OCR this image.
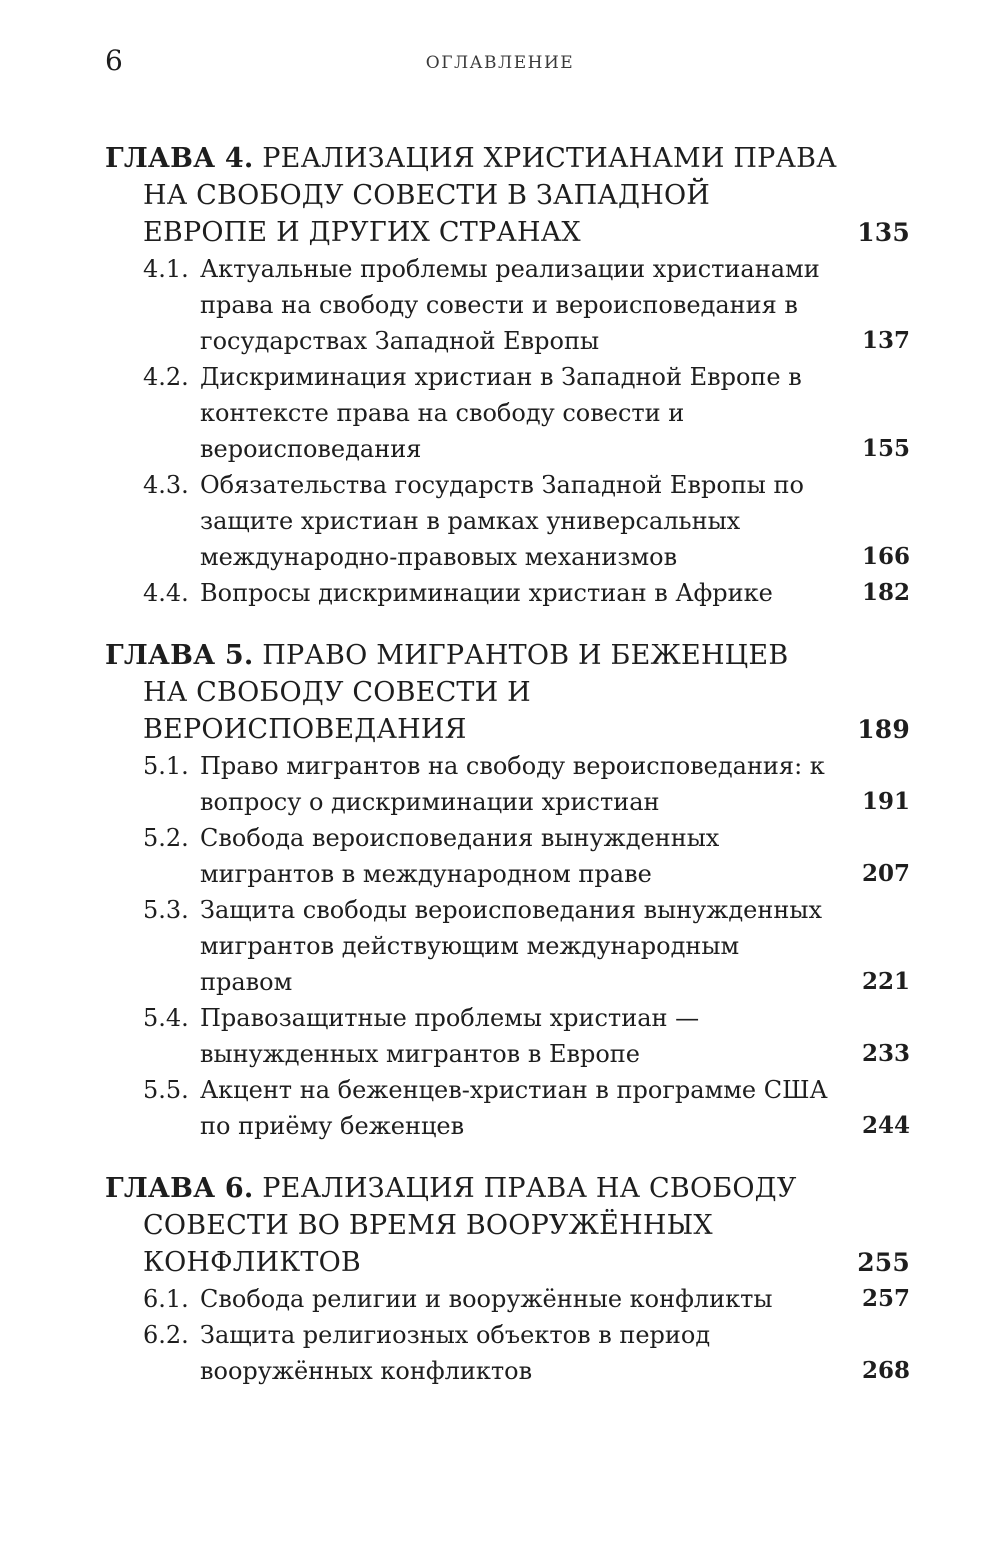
6	ОГЛАВЛЕНИЕ
ГЛАВА 4. РЕАЛИЗАЦИЯ ХРИСТИАНАМИ ПРАВА НА СВОБОДУ СОВЕСТИ В ЗАПАДНОЙ ЕВРОПЕ И ДРУГИХ СТРАНАХ	135
4.1. Актуальные проблемы реализации христианами права на свободу совести и вероисповедания в государствах Западной Европы	137
4.2. Дискриминация христиан в Западной Европе в контексте права на свободу совести и вероисповедания	155
4.3. Обязательства государств Западной Европы по защите христиан в рамках универсальных международно-правовых механизмов	166
4.4. Вопросы дискриминации христиан в Африке	182
ГЛАВА 5. ПРАВО МИГРАНТОВ И БЕЖЕНЦЕВ НА СВОБОДУ СОВЕСТИ И ВЕРОИСПОВЕДАНИЯ	189
5.1. Право мигрантов на свободу вероисповедания: к вопросу о дискриминации христиан	191
5.2. Свобода вероисповедания вынужденных мигрантов в международном праве	207
5.3. Защита свободы вероисповедания вынужденных мигрантов действующим международным правом	221
5.4. Правозащитные проблемы христиан — вынужденных мигрантов в Европе	233
5.5. Акцент на беженцев-христиан в программе США по приёму беженцев	244
ГЛАВА 6. РЕАЛИЗАЦИЯ ПРАВА НА СВОБОДУ СОВЕСТИ ВО ВРЕМЯ ВООРУЖЁННЫХ КОНФЛИКТОВ	255
6.1. Свобода религии и вооружённые конфликты	257
6.2. Защита религиозных объектов в период вооружённых конфликтов	268
